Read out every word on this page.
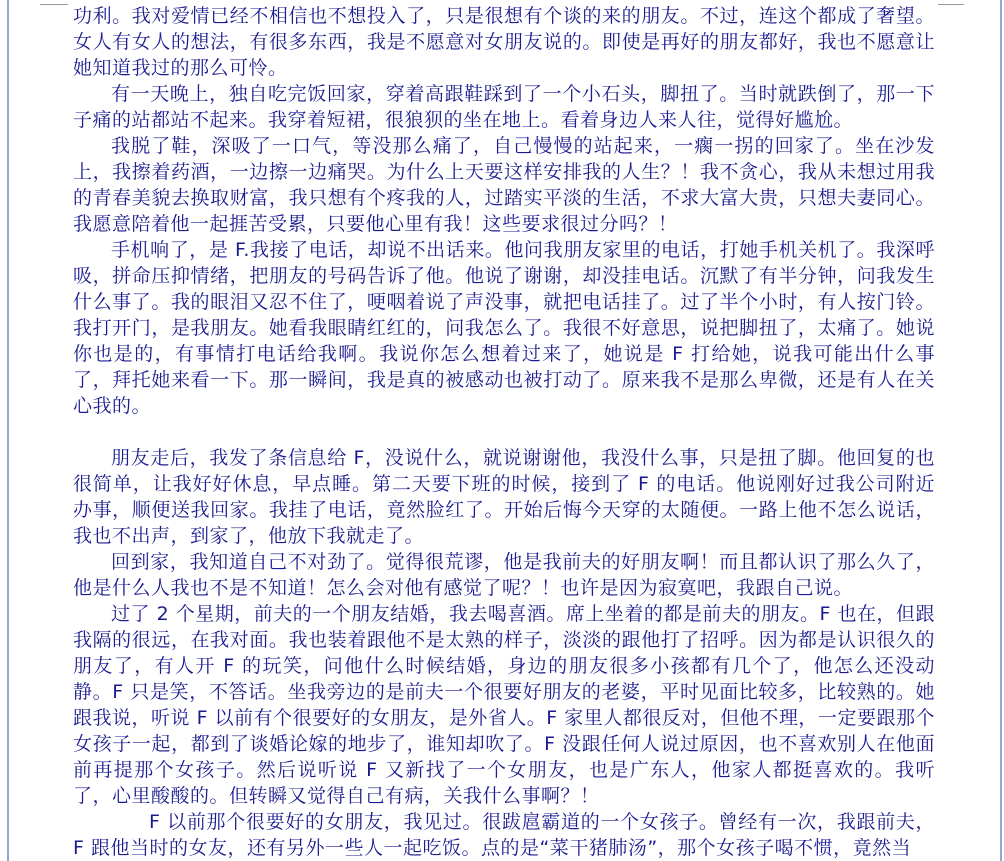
功利。我对爱情已经不相信也不想投入了，只是很想有个谈的来的朋友。不过，连这个都成了奢望。女人有女人的想法，有很多东西，我是不愿意对女朋友说的。即使是再好的朋友都好，我也不愿意让她知道我过的那么可怜。

有一天晚上，独自吃完饭回家，穿着高跟鞋踩到了一个小石头，脚扭了。当时就跌倒了，那一下子痛的站都站不起来。我穿着短裙，很狼狈的坐在地上。看着身边人来人往，觉得好尴尬。

我脱了鞋，深吸了一口气，等没那么痛了，自己慢慢的站起来，一瘸一拐的回家了。坐在沙发上，我擦着药酒，一边擦一边痛哭。为什么上天要这样安排我的人生？！我不贪心，我从未想过用我的青春美貌去换取财富，我只想有个疼我的人，过踏实平淡的生活，不求大富大贵，只想夫妻同心。我愿意陪着他一起捱苦受累，只要他心里有我！这些要求很过分吗？！

手机响了，是 F.我接了电话，却说不出话来。他问我朋友家里的电话，打她手机关机了。我深呼吸，拼命压抑情绪，把朋友的号码告诉了他。他说了谢谢，却没挂电话。沉默了有半分钟，问我发生什么事了。我的眼泪又忍不住了，哽咽着说了声没事，就把电话挂了。过了半个小时，有人按门铃。我打开门，是我朋友。她看我眼睛红红的，问我怎么了。我很不好意思，说把脚扭了，太痛了。她说你也是的，有事情打电话给我啊。我说你怎么想着过来了，她说是 F 打给她，说我可能出什么事了，拜托她来看一下。那一瞬间，我是真的被感动也被打动了。原来我不是那么卑微，还是有人在关心我的。

朋友走后，我发了条信息给 F，没说什么，就说谢谢他，我没什么事，只是扭了脚。他回复的也很简单，让我好好休息，早点睡。第二天要下班的时候，接到了 F 的电话。他说刚好过我公司附近办事，顺便送我回家。我挂了电话，竟然脸红了。开始后悔今天穿的太随便。一路上他不怎么说话，我也不出声，到家了，他放下我就走了。

回到家，我知道自己不对劲了。觉得很荒谬，他是我前夫的好朋友啊！而且都认识了那么久了，他是什么人我也不是不知道！怎么会对他有感觉了呢？！也许是因为寂寞吧，我跟自己说。

过了 2 个星期，前夫的一个朋友结婚，我去喝喜酒。席上坐着的都是前夫的朋友。F 也在，但跟我隔的很远，在我对面。我也装着跟他不是太熟的样子，淡淡的跟他打了招呼。因为都是认识很久的朋友了，有人开 F 的玩笑，问他什么时候结婚，身边的朋友很多小孩都有几个了，他怎么还没动静。F 只是笑，不答话。坐我旁边的是前夫一个很要好朋友的老婆，平时见面比较多，比较熟的。她跟我说，听说 F 以前有个很要好的女朋友，是外省人。F 家里人都很反对，但他不理，一定要跟那个女孩子一起，都到了谈婚论嫁的地步了，谁知却吹了。F 没跟任何人说过原因，也不喜欢别人在他面前再提那个女孩子。然后说听说 F 又新找了一个女朋友，也是广东人，他家人都挺喜欢的。我听了，心里酸酸的。但转瞬又觉得自己有病，关我什么事啊？！

F 以前那个很要好的女朋友，我见过。很跋扈霸道的一个女孩子。曾经有一次，我跟前夫，F 跟他当时的女友，还有另外一些人一起吃饭。点的是“菜干猪肺汤”，那个女孩子喝不惯，竟然当
